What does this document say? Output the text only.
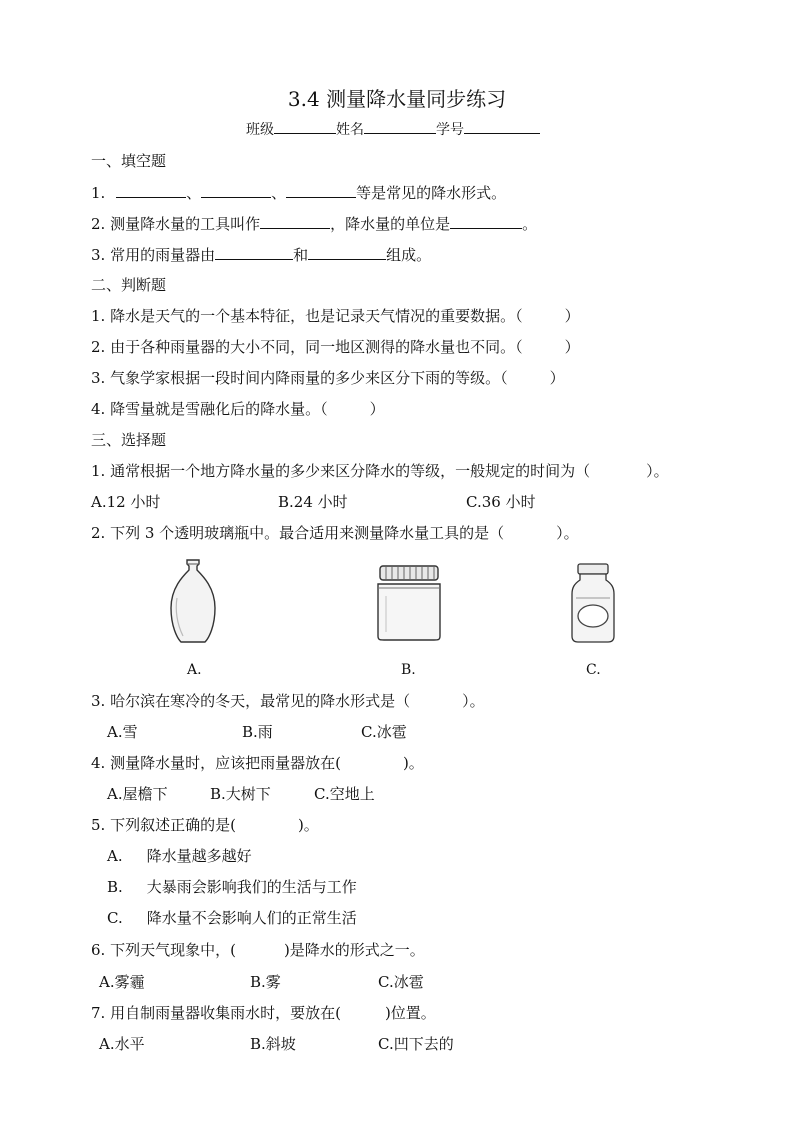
3.4 测量降水量同步练习
班级	姓名	学号
一、填空题
1.	、	、	等是常见的降水形式。
2. 测量降水量的工具叫作	，降水量的单位是	。
3. 常用的雨量器由	和	组成。
二、判断题
1. 降水是天气的一个基本特征，也是记录天气情况的重要数据。（	）
2. 由于各种雨量器的大小不同，同一地区测得的降水量也不同。（	）
3. 气象学家根据一段时间内降雨量的多少来区分下雨的等级。（	）
4. 降雪量就是雪融化后的降水量。（	）
三、选择题
1. 通常根据一个地方降水量的多少来区分降水的等级，一般规定的时间为（	）。
A.12 小时	B.24 小时	C.36 小时
2. 下列 3 个透明玻璃瓶中。最合适用来测量降水量工具的是（	）。
A.	B.	C.
3. 哈尔滨在寒冷的冬天，最常见的降水形式是（	）。
A.雪	B.雨	C.冰雹
4. 测量降水量时，应该把雨量器放在(	)。
A.屋檐下	B.大树下	C.空地上
5. 下列叙述正确的是(	)。
A. 降水量越多越好
B. 大暴雨会影响我们的生活与工作
C. 降水量不会影响人们的正常生活
6. 下列天气现象中，(	)是降水的形式之一。
A.雾霾	B.雾	C.冰雹
7. 用自制雨量器收集雨水时，要放在(	)位置。
A.水平	B.斜坡	C.凹下去的
